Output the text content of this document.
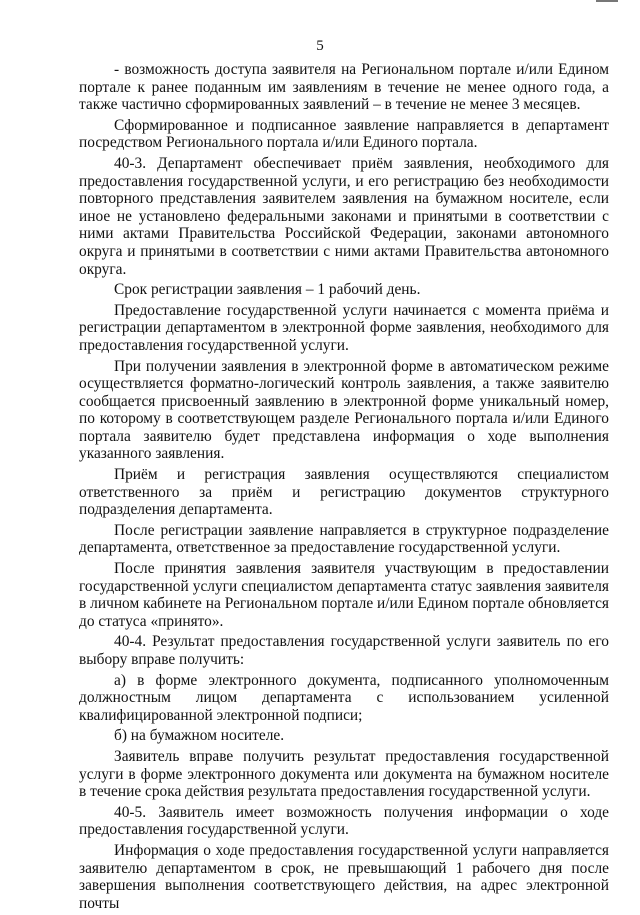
5

- возможность доступа заявителя на Региональном портале и/или Едином портале к ранее поданным им заявлениям в течение не менее одного года, а также частично сформированных заявлений – в течение не менее 3 месяцев.

Сформированное и подписанное заявление направляется в департамент посредством Регионального портала и/или Единого портала.

40-3. Департамент обеспечивает приём заявления, необходимого для предоставления государственной услуги, и его регистрацию без необходимости повторного представления заявителем заявления на бумажном носителе, если иное не установлено федеральными законами и принятыми в соответствии с ними актами Правительства Российской Федерации, законами автономного округа и принятыми в соответствии с ними актами Правительства автономного округа.

Срок регистрации заявления – 1 рабочий день.

Предоставление государственной услуги начинается с момента приёма и регистрации департаментом в электронной форме заявления, необходимого для предоставления государственной услуги.

При получении заявления в электронной форме в автоматическом режиме осуществляется форматно-логический контроль заявления, а также заявителю сообщается присвоенный заявлению в электронной форме уникальный номер, по которому в соответствующем разделе Регионального портала и/или Единого портала заявителю будет представлена информация о ходе выполнения указанного заявления.

Приём и регистрация заявления осуществляются специалистом ответственного за приём и регистрацию документов структурного подразделения департамента.

После регистрации заявление направляется в структурное подразделение департамента, ответственное за предоставление государственной услуги.

После принятия заявления заявителя участвующим в предоставлении государственной услуги специалистом департамента статус заявления заявителя в личном кабинете на Региональном портале и/или Едином портале обновляется до статуса «принято».

40-4. Результат предоставления государственной услуги заявитель по его выбору вправе получить:

а) в форме электронного документа, подписанного уполномоченным должностным лицом департамента с использованием усиленной квалифицированной электронной подписи;

б) на бумажном носителе.

Заявитель вправе получить результат предоставления государственной услуги в форме электронного документа или документа на бумажном носителе в течение срока действия результата предоставления государственной услуги.

40-5. Заявитель имеет возможность получения информации о ходе предоставления государственной услуги.

Информация о ходе предоставления государственной услуги направляется заявителю департаментом в срок, не превышающий 1 рабочего дня после завершения выполнения соответствующего действия, на адрес электронной почты
